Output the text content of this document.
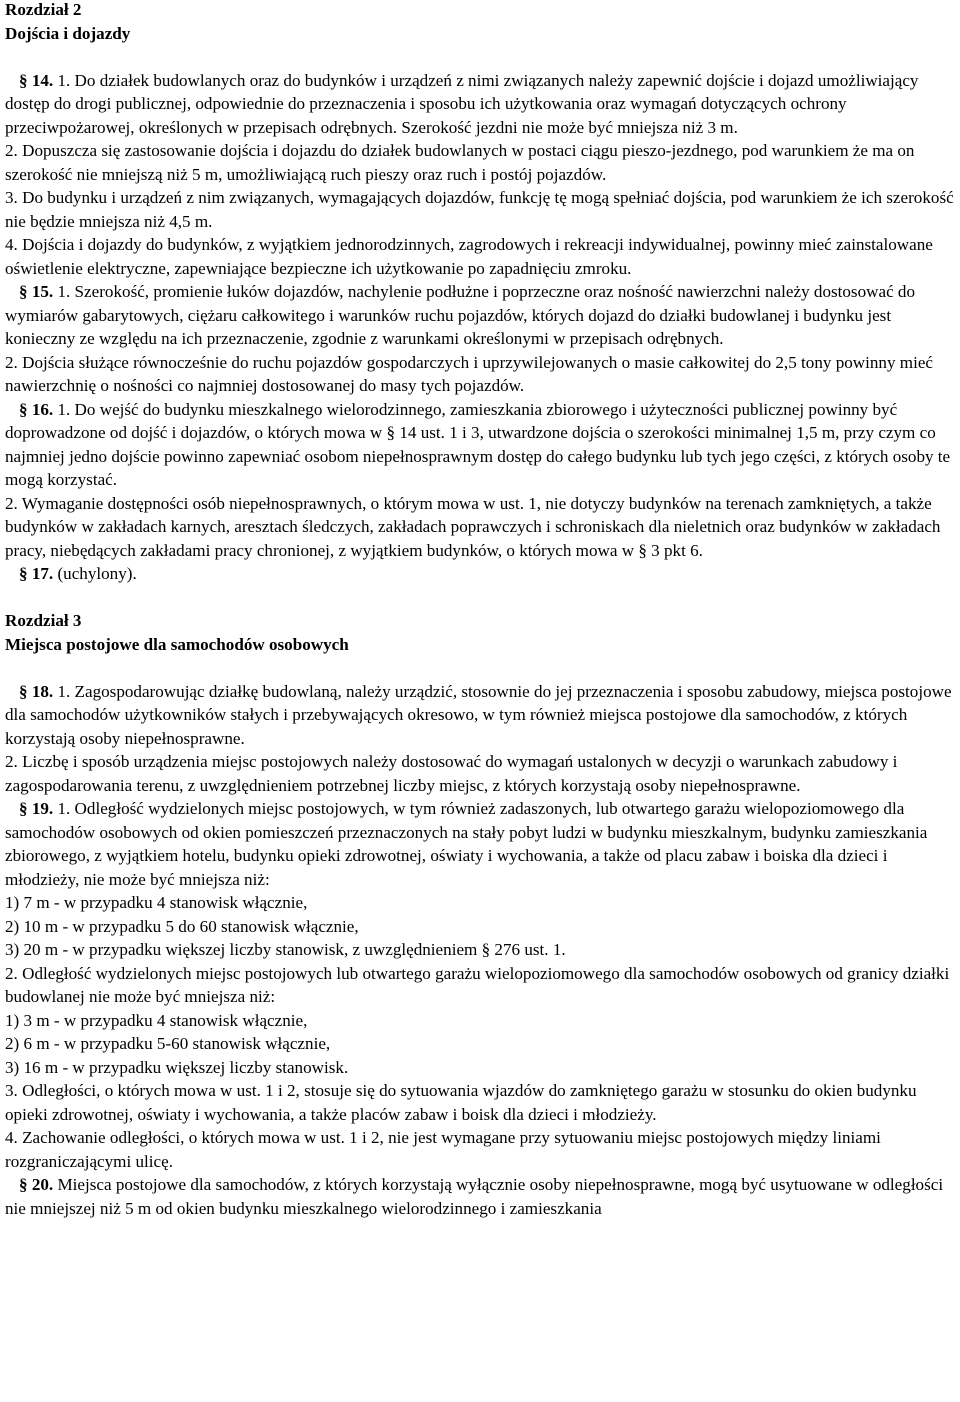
Rozdział 2

Dojścia i dojazdy

§ 14. 1. Do działek budowlanych oraz do budynków i urządzeń z nimi związanych należy zapewnić dojście i dojazd umożliwiający dostęp do drogi publicznej, odpowiednie do przeznaczenia i sposobu ich użytkowania oraz wymagań dotyczących ochrony przeciwpożarowej, określonych w przepisach odrębnych. Szerokość jezdni nie może być mniejsza niż 3 m.

2. Dopuszcza się zastosowanie dojścia i dojazdu do działek budowlanych w postaci ciągu pieszo-jezdnego, pod warunkiem że ma on szerokość nie mniejszą niż 5 m, umożliwiającą ruch pieszy oraz ruch i postój pojazdów.

3. Do budynku i urządzeń z nim związanych, wymagających dojazdów, funkcję tę mogą spełniać dojścia, pod warunkiem że ich szerokość nie będzie mniejsza niż 4,5 m.

4. Dojścia i dojazdy do budynków, z wyjątkiem jednorodzinnych, zagrodowych i rekreacji indywidualnej, powinny mieć zainstalowane oświetlenie elektryczne, zapewniające bezpieczne ich użytkowanie po zapadnięciu zmroku.

§ 15. 1. Szerokość, promienie łuków dojazdów, nachylenie podłużne i poprzeczne oraz nośność nawierzchni należy dostosować do wymiarów gabarytowych, ciężaru całkowitego i warunków ruchu pojazdów, których dojazd do działki budowlanej i budynku jest konieczny ze względu na ich przeznaczenie, zgodnie z warunkami określonymi w przepisach odrębnych.

2. Dojścia służące równocześnie do ruchu pojazdów gospodarczych i uprzywilejowanych o masie całkowitej do 2,5 tony powinny mieć nawierzchnię o nośności co najmniej dostosowanej do masy tych pojazdów.

§ 16. 1. Do wejść do budynku mieszkalnego wielorodzinnego, zamieszkania zbiorowego i użyteczności publicznej powinny być doprowadzone od dojść i dojazdów, o których mowa w § 14 ust. 1 i 3, utwardzone dojścia o szerokości minimalnej 1,5 m, przy czym co najmniej jedno dojście powinno zapewniać osobom niepełnosprawnym dostęp do całego budynku lub tych jego części, z których osoby te mogą korzystać.

2. Wymaganie dostępności osób niepełnosprawnych, o którym mowa w ust. 1, nie dotyczy budynków na terenach zamkniętych, a także budynków w zakładach karnych, aresztach śledczych, zakładach poprawczych i schroniskach dla nieletnich oraz budynków w zakładach pracy, niebędących zakładami pracy chronionej, z wyjątkiem budynków, o których mowa w § 3 pkt 6.

§ 17. (uchylony).

Rozdział 3

Miejsca postojowe dla samochodów osobowych

§ 18. 1. Zagospodarowując działkę budowlaną, należy urządzić, stosownie do jej przeznaczenia i sposobu zabudowy, miejsca postojowe dla samochodów użytkowników stałych i przebywających okresowo, w tym również miejsca postojowe dla samochodów, z których korzystają osoby niepełnosprawne.

2. Liczbę i sposób urządzenia miejsc postojowych należy dostosować do wymagań ustalonych w decyzji o warunkach zabudowy i zagospodarowania terenu, z uwzględnieniem potrzebnej liczby miejsc, z których korzystają osoby niepełnosprawne.

§ 19. 1. Odległość wydzielonych miejsc postojowych, w tym również zadaszonych, lub otwartego garażu wielopoziomowego dla samochodów osobowych od okien pomieszczeń przeznaczonych na stały pobyt ludzi w budynku mieszkalnym, budynku zamieszkania zbiorowego, z wyjątkiem hotelu, budynku opieki zdrowotnej, oświaty i wychowania, a także od placu zabaw i boiska dla dzieci i młodzieży, nie może być mniejsza niż:

1) 7 m - w przypadku 4 stanowisk włącznie,

2) 10 m - w przypadku 5 do 60 stanowisk włącznie,

3) 20 m - w przypadku większej liczby stanowisk, z uwzględnieniem § 276 ust. 1.

2. Odległość wydzielonych miejsc postojowych lub otwartego garażu wielopoziomowego dla samochodów osobowych od granicy działki budowlanej nie może być mniejsza niż:

1) 3 m - w przypadku 4 stanowisk włącznie,

2) 6 m - w przypadku 5-60 stanowisk włącznie,

3) 16 m - w przypadku większej liczby stanowisk.

3. Odległości, o których mowa w ust. 1 i 2, stosuje się do sytuowania wjazdów do zamkniętego garażu w stosunku do okien budynku opieki zdrowotnej, oświaty i wychowania, a także placów zabaw i boisk dla dzieci i młodzieży.

4. Zachowanie odległości, o których mowa w ust. 1 i 2, nie jest wymagane przy sytuowaniu miejsc postojowych między liniami rozgraniczającymi ulicę.

§ 20. Miejsca postojowe dla samochodów, z których korzystają wyłącznie osoby niepełnosprawne, mogą być usytuowane w odległości nie mniejszej niż 5 m od okien budynku mieszkalnego wielorodzinnego i zamieszkania
